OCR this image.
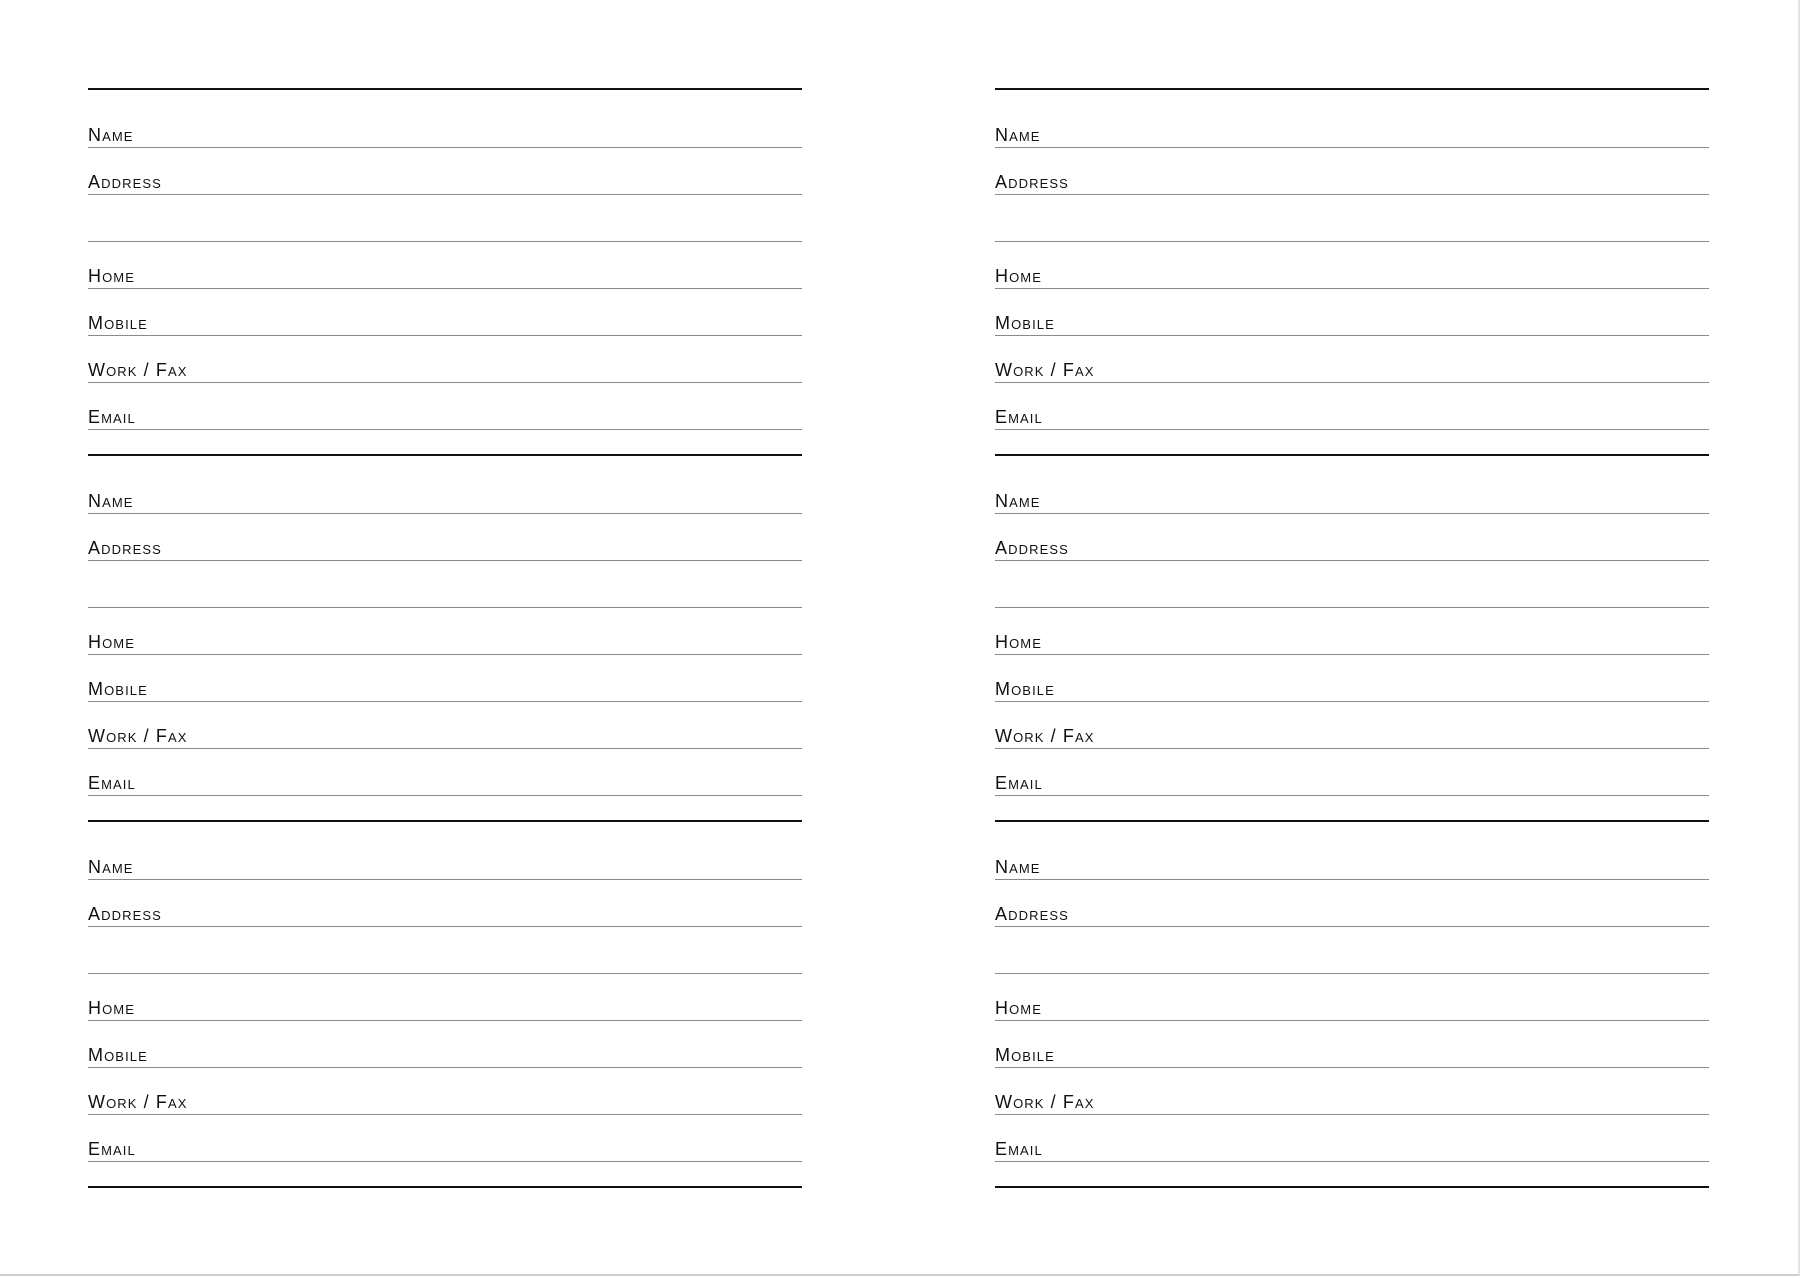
Name
Address
Home
Mobile
Work / Fax
Email
Name
Address
Home
Mobile
Work / Fax
Email
Name
Address
Home
Mobile
Work / Fax
Email
Name
Address
Home
Mobile
Work / Fax
Email
Name
Address
Home
Mobile
Work / Fax
Email
Name
Address
Home
Mobile
Work / Fax
Email
